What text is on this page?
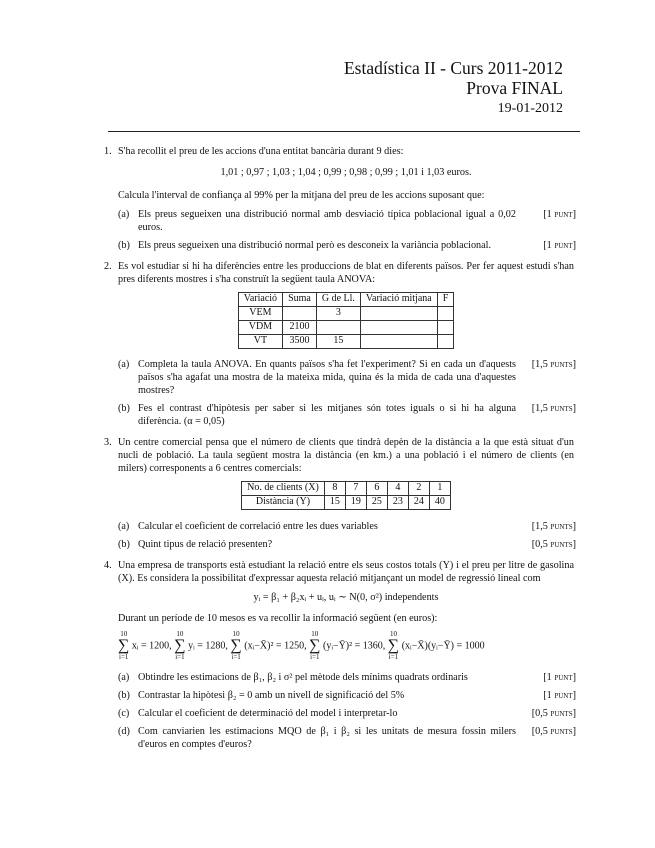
Estadística II - Curs 2011-2012
Prova FINAL
19-01-2012
1. S'ha recollit el preu de les accions d'una entitat bancària durant 9 dies:

1,01 ; 0,97 ; 1,03 ; 1,04 ; 0,99 ; 0,98 ; 0,99 ; 1,01 i 1,03 euros.

Calcula l'interval de confiança al 99% per la mitjana del preu de les accions suposant que:

(a) Els preus segueixen una distribució normal amb desviació típica poblacional igual a 0,02 euros.
[1 punt]
(b) Els preus segueixen una distribució normal però es desconeix la variància poblacional.	[1 punt]
2. Es vol estudiar si hi ha diferències entre les produccions de blat en diferents països. Per fer aquest estudi s'han pres diferents mostres i s'ha construït la següent taula ANOVA:

Variació	Suma	G de Ll.	Variació mitjana	F
VEM		3		
VDM	2100			
VT	3500	15		
(a) Completa la taula ANOVA. En quants països s'ha fet l'experiment? Si en cada un d'aquests països s'ha agafat una mostra de la mateixa mida, quina és la mida de cada una d'aquestes mostres?
[1,5 punts]
(b) Fes el contrast d'hipòtesis per saber si les mitjanes són totes iguals o si hi ha alguna diferència. (α = 0,05)
[1,5 punts]
3. Un centre comercial pensa que el número de clients que tindrà depèn de la distància a la que està situat d'un nucli de població. La taula següent mostra la distància (en km.) a una població i el número de clients (en milers) corresponents a 6 centres comercials:

No. de clients (X)	8	7	6	4	2	1
Distància (Y)	15	19	25	23	24	40
(a) Calcular el coeficient de correlació entre les dues variables	[1,5 punts]
(b) Quint tipus de relació presenten?	[0,5 punts]
4. Una empresa de transports està estudiant la relació entre els seus costos totals (Y) i el preu per litre de gasolina (X). Es considera la possibilitat d'expressar aquesta relació mitjançant un model de regressió lineal com

yᵢ = β₁ + β₂xᵢ + uᵢ, uᵢ ∼ N(0, σ²) independents

Durant un període de 10 mesos es va recollir la informació següent (en euros):

10
∑
i=1 xᵢ = 1200, 10
∑
i=1 yᵢ = 1280, 10
∑
i=1 (xᵢ−X̄)² = 1250, 10
∑
i=1 (yᵢ−Ȳ)² = 1360, 10
∑
i=1 (xᵢ−X̄)(yᵢ−Ȳ) = 1000
(a) Obtindre les estimacions de β₁, β₂ i σ² pel mètode dels mínims quadrats ordinaris	[1 punt]
(b) Contrastar la hipòtesi β₂ = 0 amb un nivell de significació del 5%	[1 punt]
(c) Calcular el coeficient de determinació del model i interpretar-lo	[0,5 punts]
(d) Com canviarien les estimacions MQO de β₁ i β₂ si les unitats de mesura fossin milers d'euros en comptes d'euros?
[0,5 punts]
